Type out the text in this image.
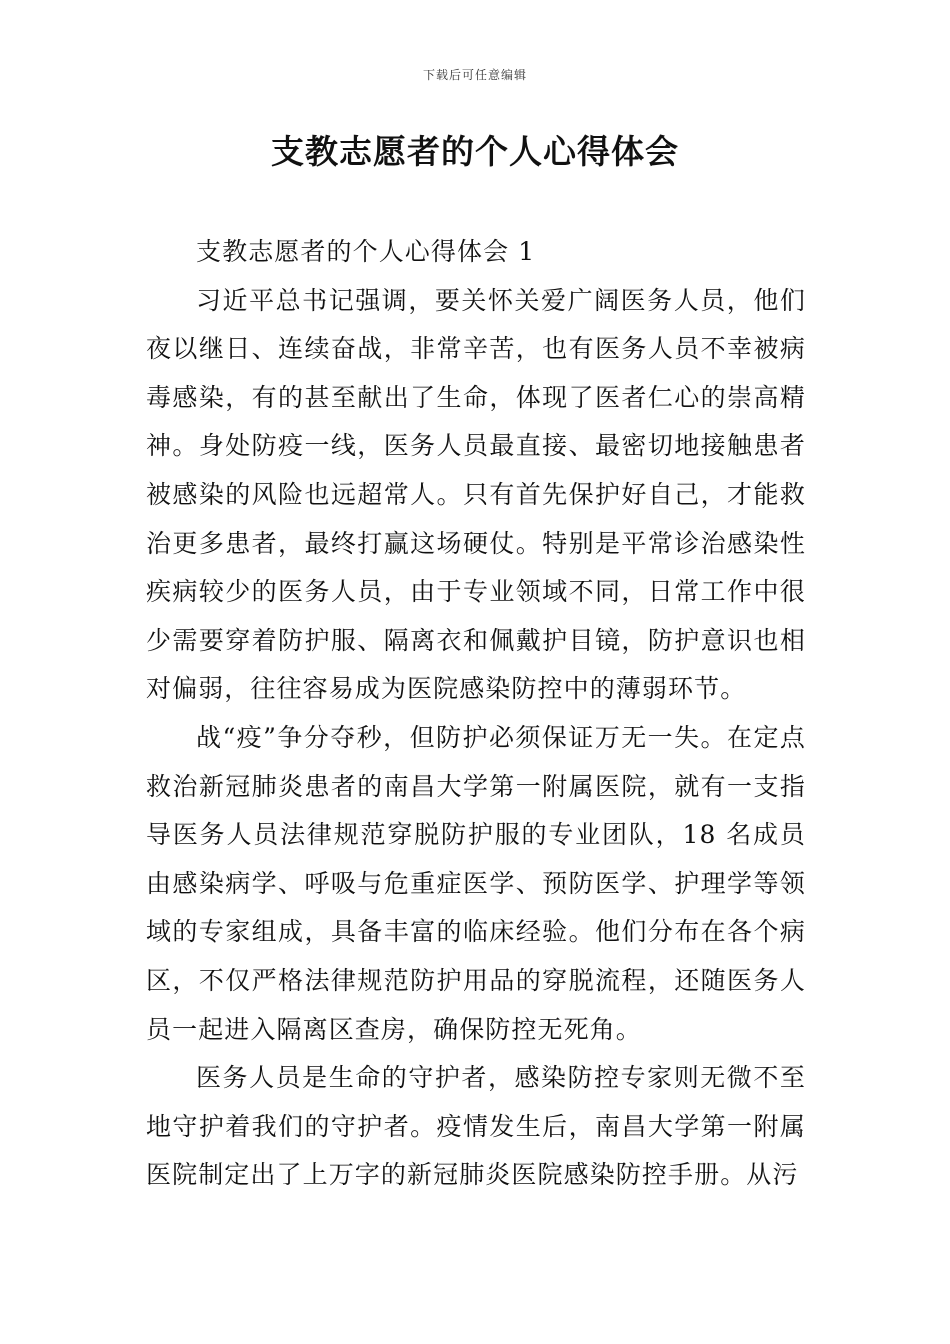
下载后可任意编辑
支教志愿者的个人心得体会

支教志愿者的个人心得体会 1

习近平总书记强调，要关怀关爱广阔医务人员，他们夜以继日、连续奋战，非常辛苦，也有医务人员不幸被病毒感染，有的甚至献出了生命，体现了医者仁心的崇高精神。身处防疫一线，医务人员最直接、最密切地接触患者被感染的风险也远超常人。只有首先保护好自己，才能救治更多患者，最终打赢这场硬仗。特别是平常诊治感染性疾病较少的医务人员，由于专业领域不同，日常工作中很少需要穿着防护服、隔离衣和佩戴护目镜，防护意识也相对偏弱，往往容易成为医院感染防控中的薄弱环节。

战“疫”争分夺秒，但防护必须保证万无一失。在定点救治新冠肺炎患者的南昌大学第一附属医院，就有一支指导医务人员法律规范穿脱防护服的专业团队，18 名成员由感染病学、呼吸与危重症医学、预防医学、护理学等领域的专家组成，具备丰富的临床经验。他们分布在各个病区，不仅严格法律规范防护用品的穿脱流程，还随医务人员一起进入隔离区查房，确保防控无死角。

医务人员是生命的守护者，感染防控专家则无微不至地守护着我们的守护者。疫情发生后，南昌大学第一附属医院制定出了上万字的新冠肺炎医院感染防控手册。从污
